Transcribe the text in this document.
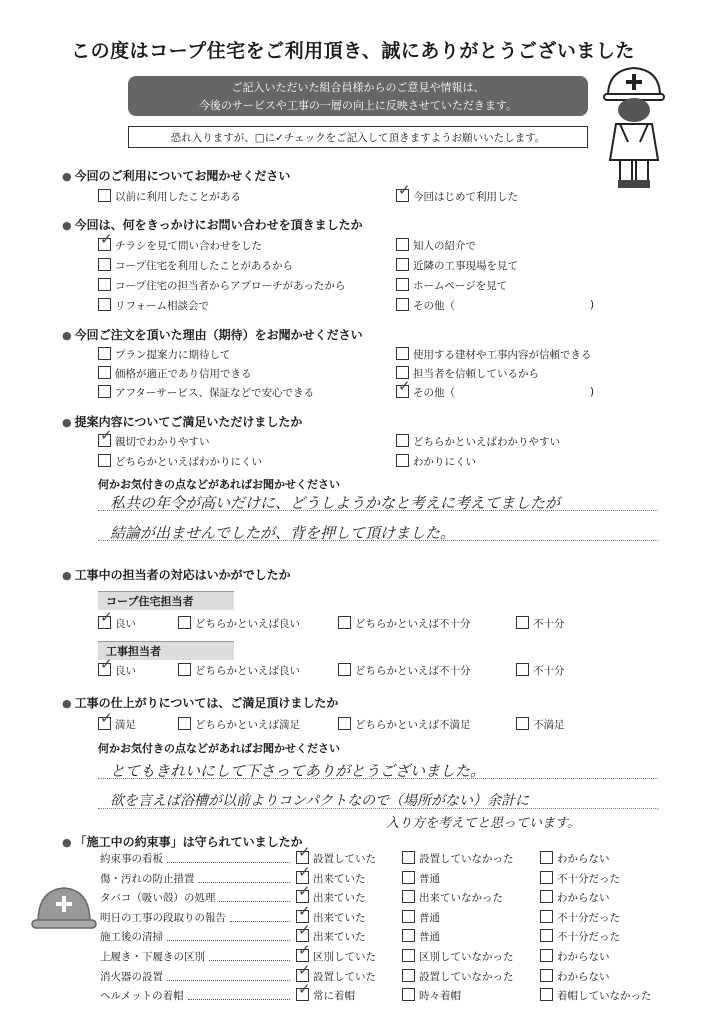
この度はコープ住宅をご利用頂き、誠にありがとうございました
ご記入いただいた組合員様からのご意見や情報は、
今後のサービスや工事の一層の向上に反映させていただきます。
恐れ入りますが、□に✓チェックをご記入して頂きますようお願いいたします。
● 今回のご利用についてお聞かせください
以前に利用したことがある ✓	今回はじめて利用した
● 今回は、何をきっかけにお問い合わせを頂きましたか
✓チラシを見て問い合わせをした	知人の紹介で
コープ住宅を利用したことがあるから	近隣の工事現場を見て
コープ住宅の担当者からアプローチがあったから	ホームページを見て
リフォーム相談会で	その他（	)
● 今回ご注文を頂いた理由（期待）をお聞かせください
プラン提案力に期待して	使用する建材や工事内容が信頼できる
価格が適正であり信用できる	担当者を信頼しているから
アフターサービス、保証などで安心できる ✓	その他（	)
● 提案内容についてご満足いただけましたか
✓親切でわかりやすい	どちらかといえばわかりやすい
どちらかといえばわかりにくい	わかりにくい
何かお気付きの点などがあればお聞かせください
私共の年令が高いだけに、どうしようかなと考えに考えてましたが
結論が出ませんでしたが、背を押して頂けました。
● 工事中の担当者の対応はいかがでしたか
コープ住宅担当者
✓良い	どちらかといえば良い	どちらかといえば不十分	不十分
工事担当者
✓良い	どちらかといえば良い	どちらかといえば不十分	不十分
● 工事の仕上がりについては、ご満足頂けましたか
✓満足	どちらかといえば満足	どちらかといえば不満足	不満足
何かお気付きの点などがあればお聞かせください
とてもきれいにして下さってありがとうございました。
欲を言えば浴槽が以前よりコンパクトなので（場所がない）余計に
入り方を考えてと思っています。
● 「施工中の約束事」は守られていましたか
約束事の看板 ✓	設置していた	設置していなかった	わからない
傷・汚れの防止措置 ✓	出来ていた	普通	不十分だった
タバコ（吸い殻）の処理 ✓	出来ていた	出来ていなかった	わからない
明日の工事の段取りの報告 ✓	出来ていた	普通	不十分だった
施工後の清掃 ✓	出来ていた	普通	不十分だった
上履き・下履きの区別 ✓	区別していた	区別していなかった	わからない
消火器の設置 ✓	設置していた	設置していなかった	わからない
ヘルメットの着帽 ✓	常に着帽	時々着帽	着帽していなかった
